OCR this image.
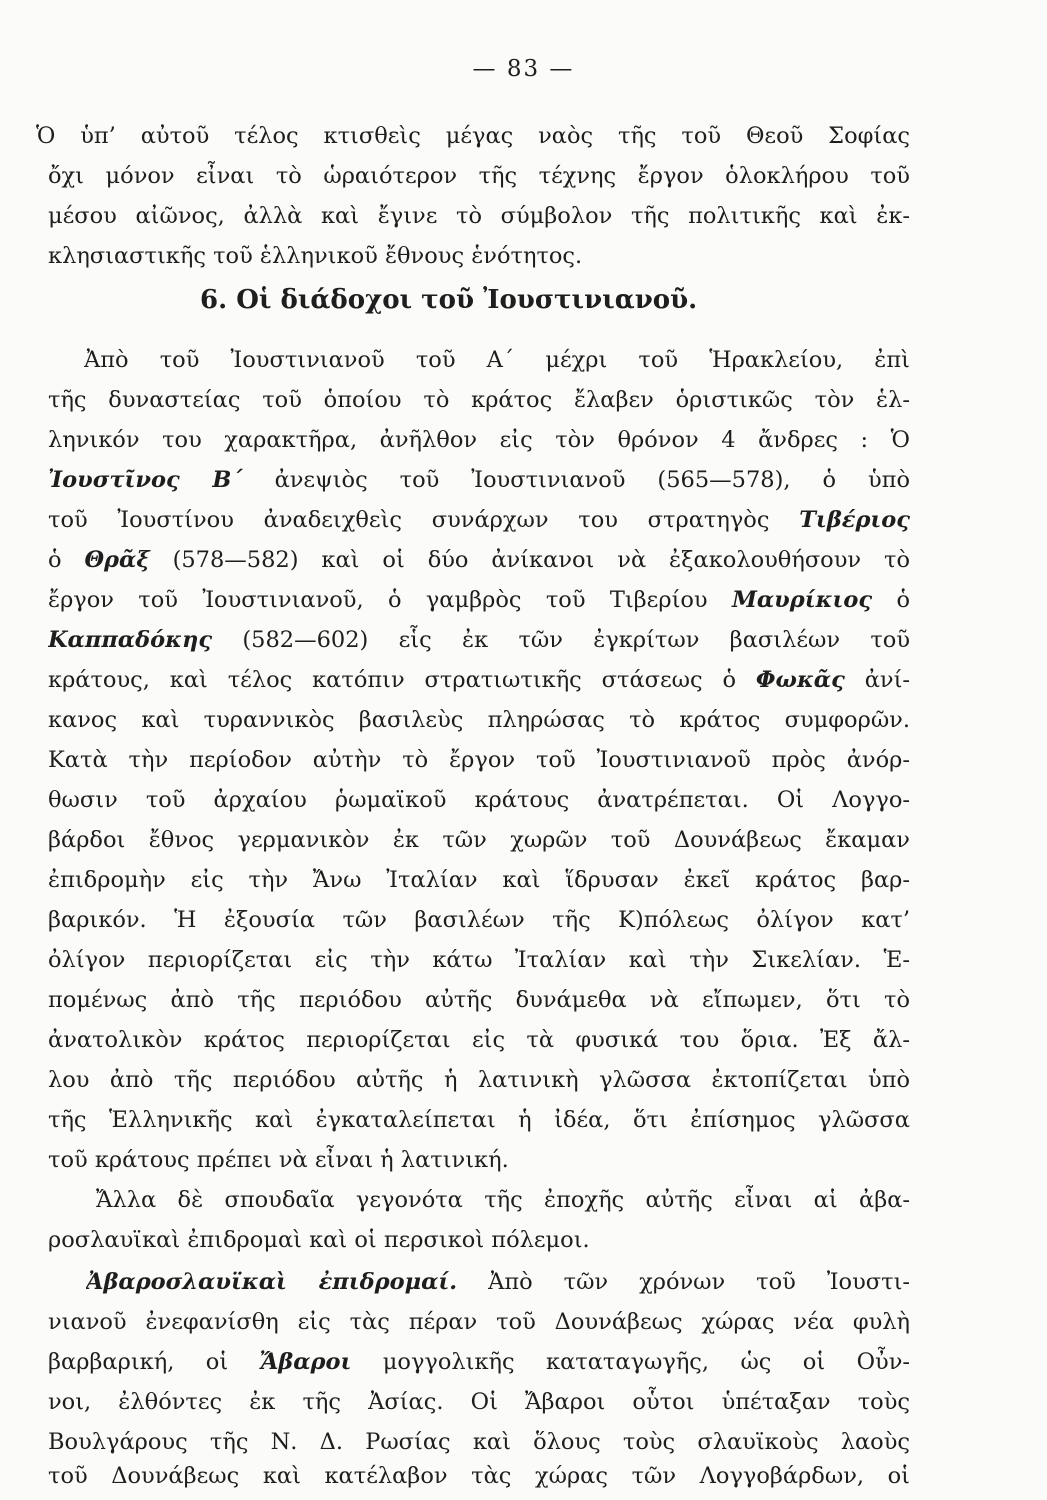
— 83 —
Ὁ ὑπ’ αὐτοῦ τέλος κτισθεὶς μέγας ναὸς τῆς τοῦ Θεοῦ Σοφίας
ὄχι μόνον εἶναι τὸ ὡραιότερον τῆς τέχνης ἔργον ὁλοκλήρου τοῦ
μέσου αἰῶνος, ἀλλὰ καὶ ἔγινε τὸ σύμβολον τῆς πολιτικῆς καὶ ἐκ-
κλησιαστικῆς τοῦ ἑλληνικοῦ ἔθνους ἑνότητος.
6. Οἱ διάδοχοι τοῦ Ἰουστινιανοῦ.
Ἀπὸ τοῦ Ἰουστινιανοῦ τοῦ Α΄ μέχρι τοῦ Ἡρακλείου, ἐπὶ
τῆς δυναστείας τοῦ ὁποίου τὸ κράτος ἔλαβεν ὁριστικῶς τὸν ἑλ-
ληνικόν του χαρακτῆρα, ἀνῆλθον εἰς τὸν θρόνον 4 ἄνδρες : Ὁ
Ἰουστῖνος Β΄ ἀνεψιὸς τοῦ Ἰουστινιανοῦ (565—578), ὁ ὑπὸ
τοῦ Ἰουστίνου ἀναδειχθεὶς συνάρχων του στρατηγὸς Τιβέριος
ὁ Θρᾶξ (578—582) καὶ οἱ δύο ἀνίκανοι νὰ ἐξακολουθήσουν τὸ
ἔργον τοῦ Ἰουστινιανοῦ, ὁ γαμβρὸς τοῦ Τιβερίου Μαυρίκιος ὁ
Καππαδόκης (582—602) εἷς ἐκ τῶν ἐγκρίτων βασιλέων τοῦ
κράτους, καὶ τέλος κατόπιν στρατιωτικῆς στάσεως ὁ Φωκᾶς ἀνί-
κανος καὶ τυραννικὸς βασιλεὺς πληρώσας τὸ κράτος συμφορῶν.
Κατὰ τὴν περίοδον αὐτὴν τὸ ἔργον τοῦ Ἰουστινιανοῦ πρὸς ἀνόρ-
θωσιν τοῦ ἀρχαίου ῥωμαϊκοῦ κράτους ἀνατρέπεται. Οἱ Λογγο-
βάρδοι ἔθνος γερμανικὸν ἐκ τῶν χωρῶν τοῦ Δουνάβεως ἔκαμαν
ἐπιδρομὴν εἰς τὴν Ἄνω Ἰταλίαν καὶ ἵδρυσαν ἐκεῖ κράτος βαρ-
βαρικόν. Ἡ ἐξουσία τῶν βασιλέων τῆς Κ)πόλεως ὀλίγον κατ’
ὀλίγον περιορίζεται εἰς τὴν κάτω Ἰταλίαν καὶ τὴν Σικελίαν. Ἑ-
πομένως ἀπὸ τῆς περιόδου αὐτῆς δυνάμεθα νὰ εἴπωμεν, ὅτι τὸ
ἀνατολικὸν κράτος περιορίζεται εἰς τὰ φυσικά του ὅρια. Ἐξ ἄλ-
λου ἀπὸ τῆς περιόδου αὐτῆς ἡ λατινικὴ γλῶσσα ἐκτοπίζεται ὑπὸ
τῆς Ἑλληνικῆς καὶ ἐγκαταλείπεται ἡ ἰδέα, ὅτι ἐπίσημος γλῶσσα
τοῦ κράτους πρέπει νὰ εἶναι ἡ λατινική.
Ἄλλα δὲ σπουδαῖα γεγονότα τῆς ἐποχῆς αὐτῆς εἶναι αἱ ἀβα-
ροσλαυϊκαὶ ἐπιδρομαὶ καὶ οἱ περσικοὶ πόλεμοι.
Ἀβαροσλαυϊκαὶ ἐπιδρομαί. Ἀπὸ τῶν χρόνων τοῦ Ἰουστι-
νιανοῦ ἐνεφανίσθη εἰς τὰς πέραν τοῦ Δουνάβεως χώρας νέα φυλὴ
βαρβαρική, οἱ Ἄβαροι μογγολικῆς καταταγωγῆς, ὡς οἱ Οὖν-
νοι, ἐλθόντες ἐκ τῆς Ἀσίας. Οἱ Ἄβαροι οὗτοι ὑπέταξαν τοὺς
Βουλγάρους τῆς Ν. Δ. Ρωσίας καὶ ὅλους τοὺς σλαυϊκοὺς λαοὺς
τοῦ Δουνάβεως καὶ κατέλαβον τὰς χώρας τῶν Λογγοβάρδων, οἱ
